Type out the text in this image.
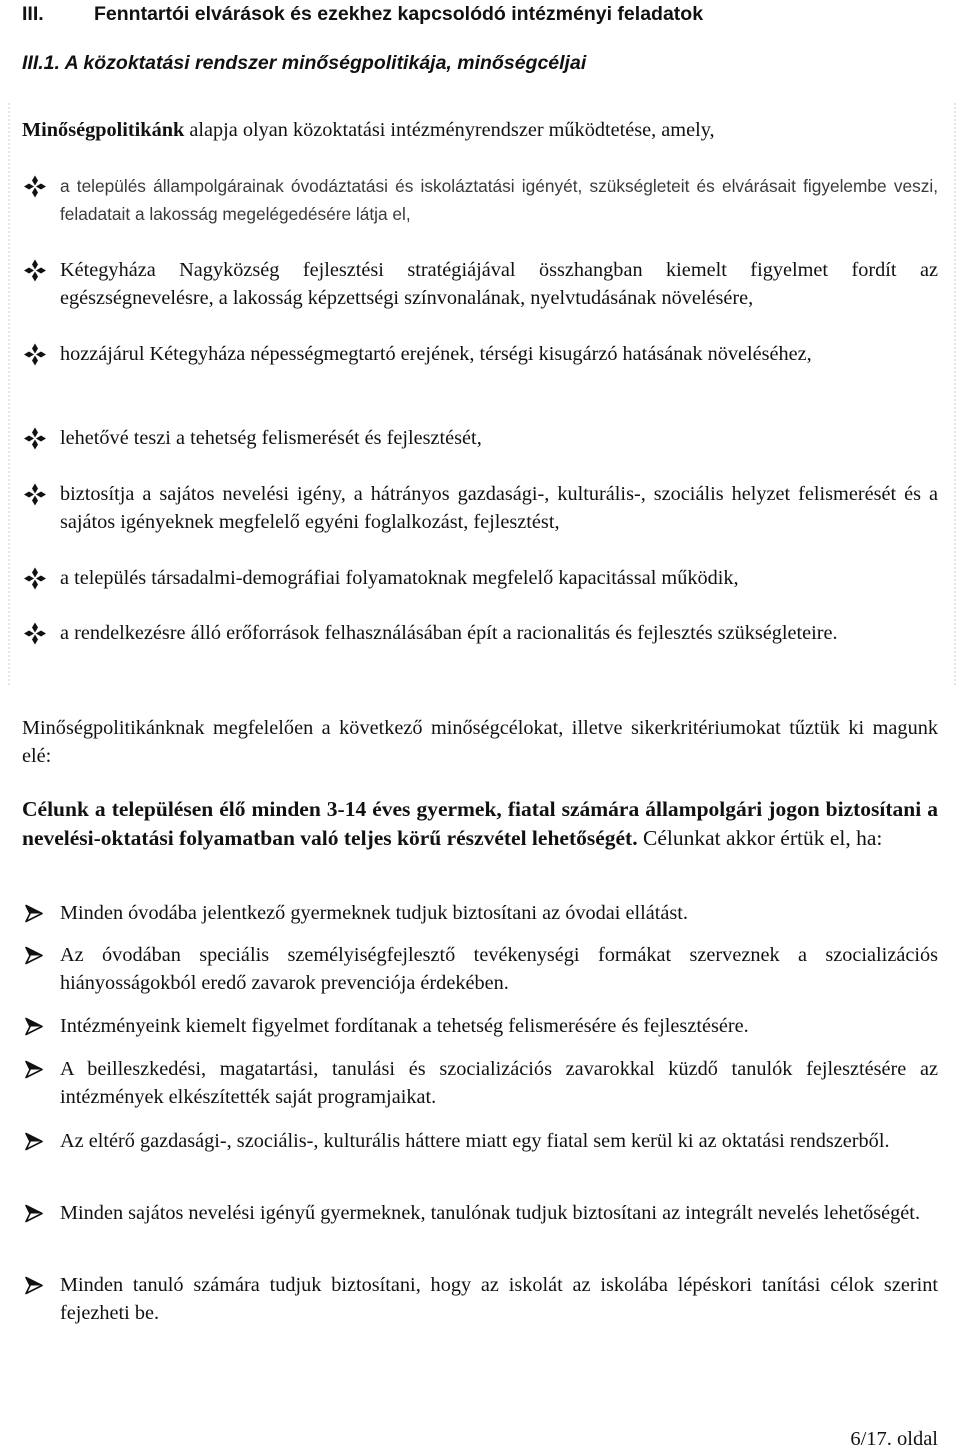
III.	Fenntartói elvárások és ezekhez kapcsolódó intézményi feladatok
III.1. A közoktatási rendszer minőségpolitikája, minőségcéljai
Minőségpolitikánk alapja olyan közoktatási intézményrendszer működtetése, amely,
a település állampolgárainak óvodáztatási és iskoláztatási igényét, szükségleteit és elvárásait figyelembe veszi, feladatait a lakosság megelégedésére látja el,
Kétegyháza Nagyközség fejlesztési stratégiájával összhangban kiemelt figyelmet fordít az egészségnevelésre, a lakosság képzettségi színvonalának, nyelvtudásának növelésére,
hozzájárul Kétegyháza népességmegtartó erejének, térségi kisugárzó hatásának növeléséhez,
lehetővé teszi a tehetség felismerését és fejlesztését,
biztosítja a sajátos nevelési igény, a hátrányos gazdasági-, kulturális-, szociális helyzet felismerését és a sajátos igényeknek megfelelő egyéni foglalkozást, fejlesztést,
a település társadalmi-demográfiai folyamatoknak megfelelő kapacitással működik,
a rendelkezésre álló erőforrások felhasználásában épít a racionalitás és fejlesztés szükségleteire.
Minőségpolitikánknak megfelelően a következő minőségcélokat, illetve sikerkritériumokat tűztük ki magunk elé:
Célunk a településen élő minden 3-14 éves gyermek, fiatal számára állampolgári jogon biztosítani a nevelési-oktatási folyamatban való teljes körű részvétel lehetőségét. Célunkat akkor értük el, ha:
Minden óvodába jelentkező gyermeknek tudjuk biztosítani az óvodai ellátást.
Az óvodában speciális személyiségfejlesztő tevékenységi formákat szerveznek a szocializációs hiányosságokból eredő zavarok prevenciója érdekében.
Intézményeink kiemelt figyelmet fordítanak a tehetség felismerésére és fejlesztésére.
A beilleszkedési, magatartási, tanulási és szocializációs zavarokkal küzdő tanulók fejlesztésére az intézmények elkészítették saját programjaikat.
Az eltérő gazdasági-, szociális-, kulturális háttere miatt egy fiatal sem kerül ki az oktatási rendszerből.
Minden sajátos nevelési igényű gyermeknek, tanulónak tudjuk biztosítani az integrált nevelés lehetőségét.
Minden tanuló számára tudjuk biztosítani, hogy az iskolát az iskolába lépéskori tanítási célok szerint fejezheti be.
6/17. oldal
